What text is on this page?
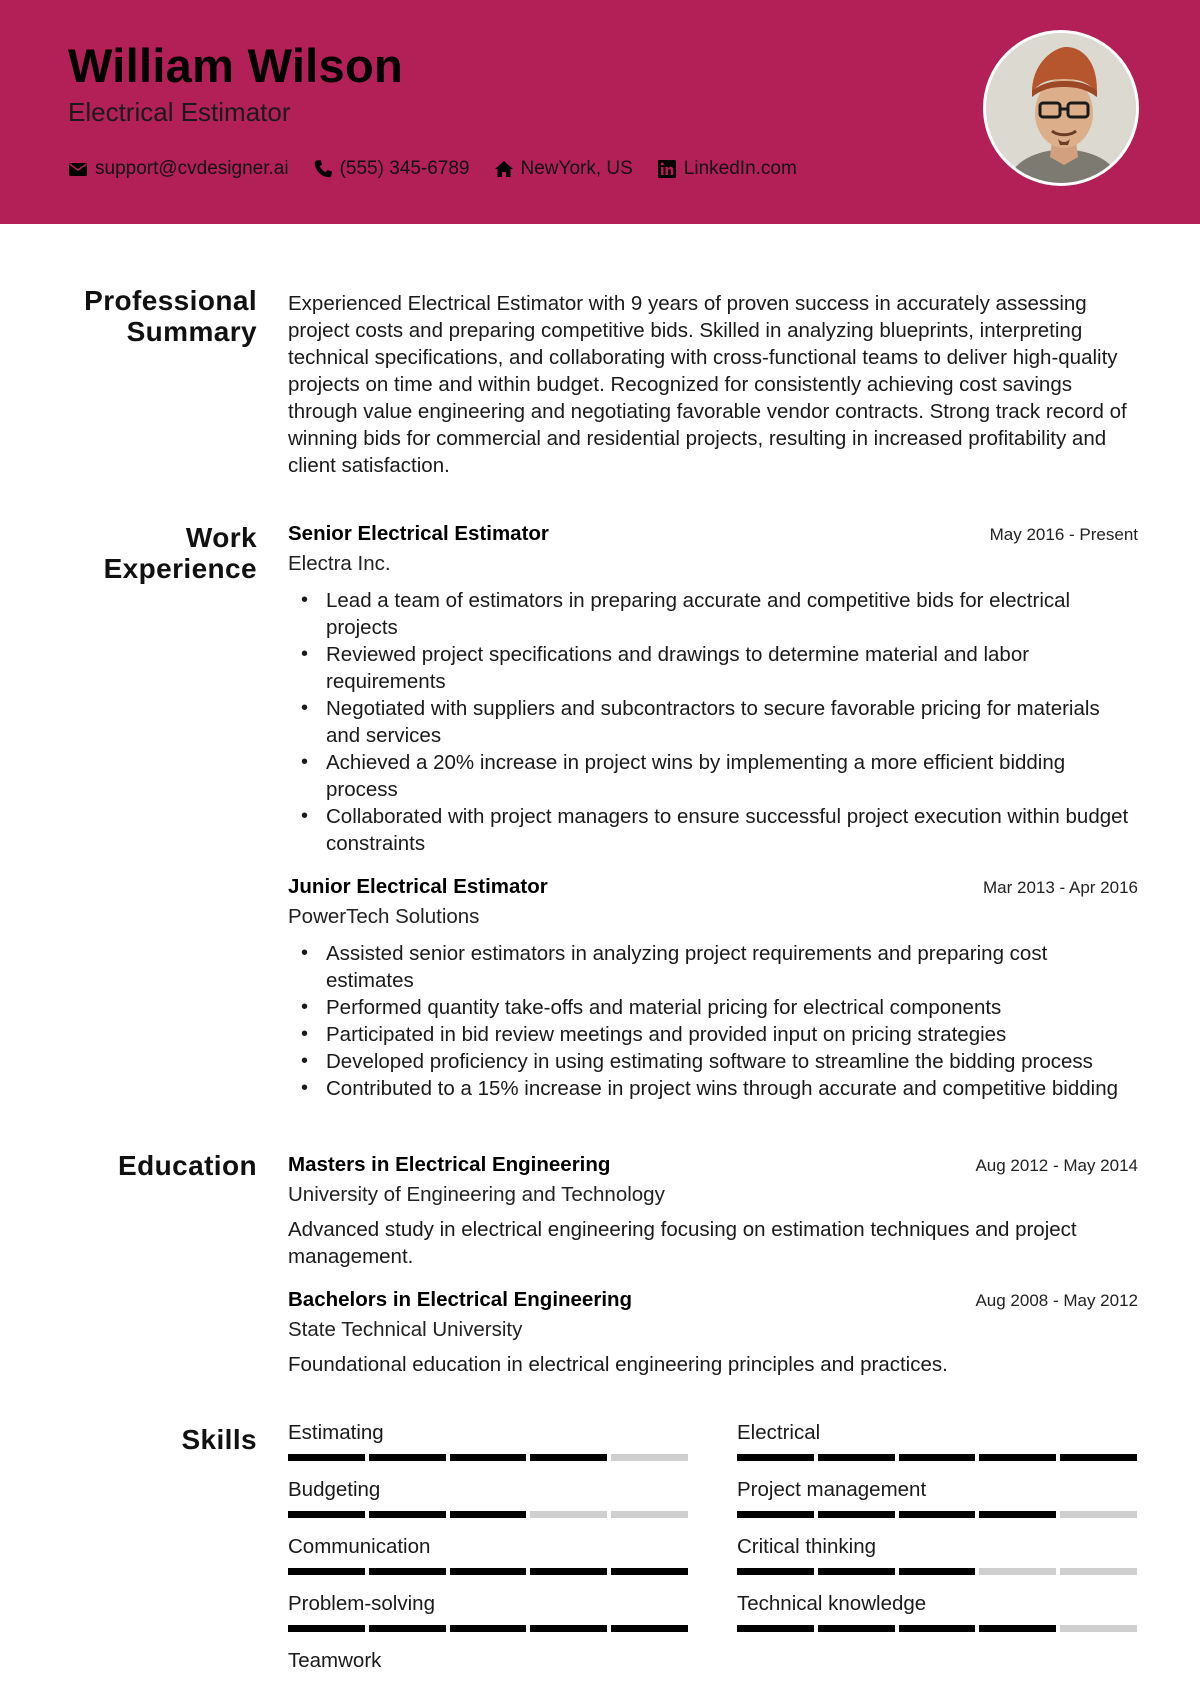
William Wilson
Electrical Estimator
support@cvdesigner.ai	(555) 345-6789	NewYork, US	LinkedIn.com
Professional Summary
Experienced Electrical Estimator with 9 years of proven success in accurately assessing project costs and preparing competitive bids. Skilled in analyzing blueprints, interpreting technical specifications, and collaborating with cross-functional teams to deliver high-quality projects on time and within budget. Recognized for consistently achieving cost savings through value engineering and negotiating favorable vendor contracts. Strong track record of winning bids for commercial and residential projects, resulting in increased profitability and client satisfaction.
Work Experience
Senior Electrical Estimator	May 2016 - Present
Electra Inc.
• Lead a team of estimators in preparing accurate and competitive bids for electrical projects
• Reviewed project specifications and drawings to determine material and labor requirements
• Negotiated with suppliers and subcontractors to secure favorable pricing for materials and services
• Achieved a 20% increase in project wins by implementing a more efficient bidding process
• Collaborated with project managers to ensure successful project execution within budget constraints
Junior Electrical Estimator	Mar 2013 - Apr 2016
PowerTech Solutions
• Assisted senior estimators in analyzing project requirements and preparing cost estimates
• Performed quantity take-offs and material pricing for electrical components
• Participated in bid review meetings and provided input on pricing strategies
• Developed proficiency in using estimating software to streamline the bidding process
• Contributed to a 15% increase in project wins through accurate and competitive bidding
Education Masters in Electrical Engineering	Aug 2012 - May 2014
University of Engineering and Technology
Advanced study in electrical engineering focusing on estimation techniques and project management.
Bachelors in Electrical Engineering	Aug 2008 - May 2012
State Technical University
Foundational education in electrical engineering principles and practices.
Skills Estimating	Electrical
Budgeting	Project management
Communication	Critical thinking
Problem-solving	Technical knowledge
Teamwork
